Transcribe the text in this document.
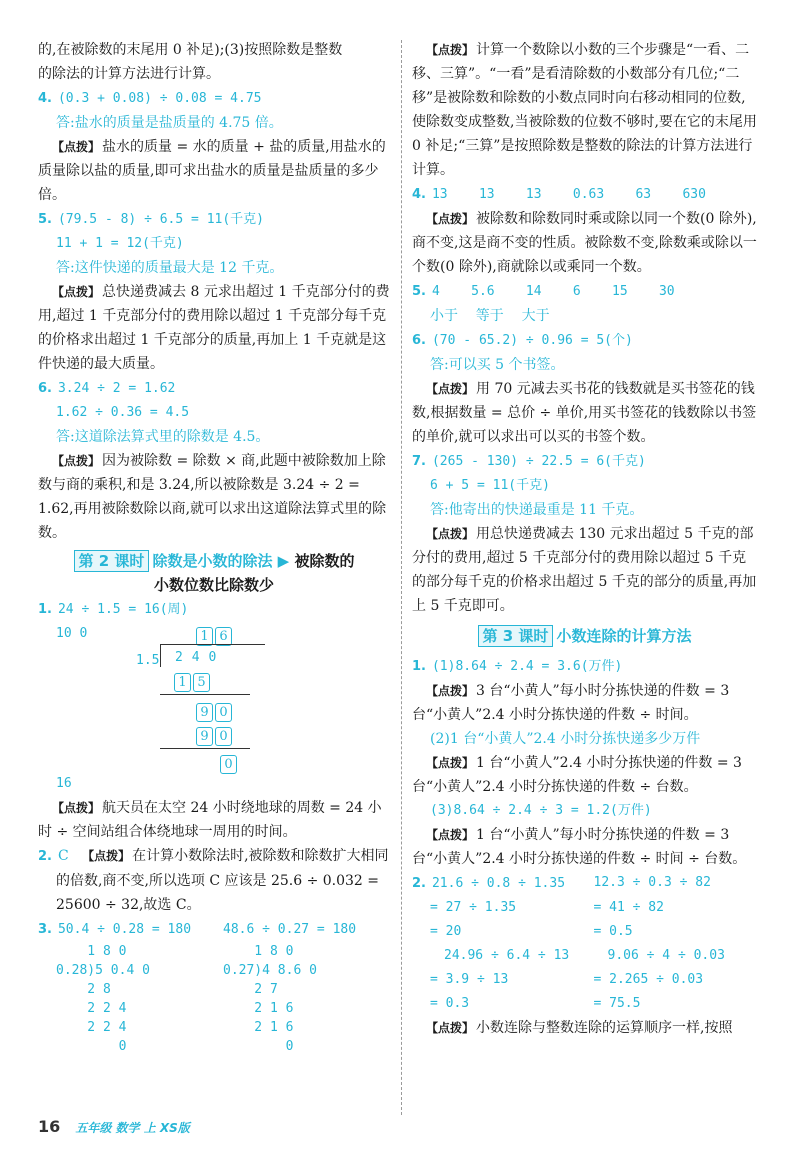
的,在被除数的末尾用 0 补足);(3)按照除数是整数
的除法的计算方法进行计算。

4. (0.3 + 0.08) ÷ 0.08 = 4.75
答:盐水的质量是盐质量的 4.75 倍。

【点拨】 盐水的质量 = 水的质量 + 盐的质量,用盐水的质量除以盐的质量,即可求出盐水的质量是盐质量的多少倍。

5. (79.5 - 8) ÷ 6.5 = 11(千克)
11 + 1 = 12(千克)
答:这件快递的质量最大是 12 千克。

【点拨】 总快递费减去 8 元求出超过 1 千克部分付的费用,超过 1 千克部分付的费用除以超过 1 千克部分每千克的价格求出超过 1 千克部分的质量,再加上 1 千克就是这件快递的最大质量。

6. 3.24 ÷ 2 = 1.62
1.62 ÷ 0.36 = 4.5
答:这道除法算式里的除数是 4.5。

【点拨】 因为被除数 = 除数 × 商,此题中被除数加上除数与商的乘积,和是 3.24,所以被除数是 3.24 ÷ 2 = 1.62,再用被除数除以商,就可以求出这道除法算式里的除数。

第 2 课时 除数是小数的除法 ▶ 被除数的
小数位数比除数少
1. 24 ÷ 1.5 = 16(周)
10 0	1 6
1.5	2 4 0
1 5
9 0
9 0
0
16

【点拨】 航天员在太空 24 小时绕地球的周数 = 24 小时 ÷ 空间站组合体绕地球一周用的时间。

2. C 【点拨】 在计算小数除法时,被除数和除数扩大相同的倍数,商不变,所以选项 C 应该是 25.6 ÷ 0.032 = 25600 ÷ 32,故选 C。
3. 50.4 ÷ 0.28 = 180	48.6 ÷ 0.27 = 180
1 8 0
0.28)5 0.4 0
2 8
2 2 4
2 2 4
0
1 8 0
0.27)4 8.6 0
2 7
2 1 6
2 1 6
0

【点拨】 计算一个数除以小数的三个步骤是“一看、二移、三算”。“一看”是看清除数的小数部分有几位;“二移”是被除数和除数的小数点同时向右移动相同的位数,使除数变成整数,当被除数的位数不够时,要在它的末尾用 0 补足;“三算”是按照除数是整数的除法的计算方法进行计算。

4. 13    13    13    0.63    63    630

【点拨】 被除数和除数同时乘或除以同一个数(0 除外),商不变,这是商不变的性质。被除数不变,除数乘或除以一个数(0 除外),商就除以或乘同一个数。

5. 4    5.6    14    6    15    30
小于    等于    大于
6. (70 - 65.2) ÷ 0.96 = 5(个)
答:可以买 5 个书签。

【点拨】 用 70 元减去买书花的钱数就是买书签花的钱数,根据数量 = 总价 ÷ 单价,用买书签花的钱数除以书签的单价,就可以求出可以买的书签个数。

7. (265 - 130) ÷ 22.5 = 6(千克)
6 + 5 = 11(千克)
答:他寄出的快递最重是 11 千克。

【点拨】 用总快递费减去 130 元求出超过 5 千克的部分付的费用,超过 5 千克部分付的费用除以超过 5 千克的部分每千克的价格求出超过 5 千克的部分的质量,再加上 5 千克即可。

第 3 课时 小数连除的计算方法
1. (1)8.64 ÷ 2.4 = 3.6(万件)

【点拨】 3 台“小黄人”每小时分拣快递的件数 = 3 台“小黄人”2.4 小时分拣快递的件数 ÷ 时间。

(2)1 台“小黄人”2.4 小时分拣快递多少万件

【点拨】 1 台“小黄人”2.4 小时分拣快递的件数 = 3 台“小黄人”2.4 小时分拣快递的件数 ÷ 台数。

(3)8.64 ÷ 2.4 ÷ 3 = 1.2(万件)

【点拨】 1 台“小黄人”每小时分拣快递的件数 = 3 台“小黄人”2.4 小时分拣快递的件数 ÷ 时间 ÷ 台数。

2. 21.6 ÷ 0.8 ÷ 1.35	12.3 ÷ 0.3 ÷ 82
= 27 ÷ 1.35	= 41 ÷ 82
= 20	= 0.5
24.96 ÷ 6.4 ÷ 13	9.06 ÷ 4 ÷ 0.03
= 3.9 ÷ 13	= 2.265 ÷ 0.03
= 0.3	= 75.5

【点拨】 小数连除与整数连除的运算顺序一样,按照

16 五年级 数学 上 XS版
